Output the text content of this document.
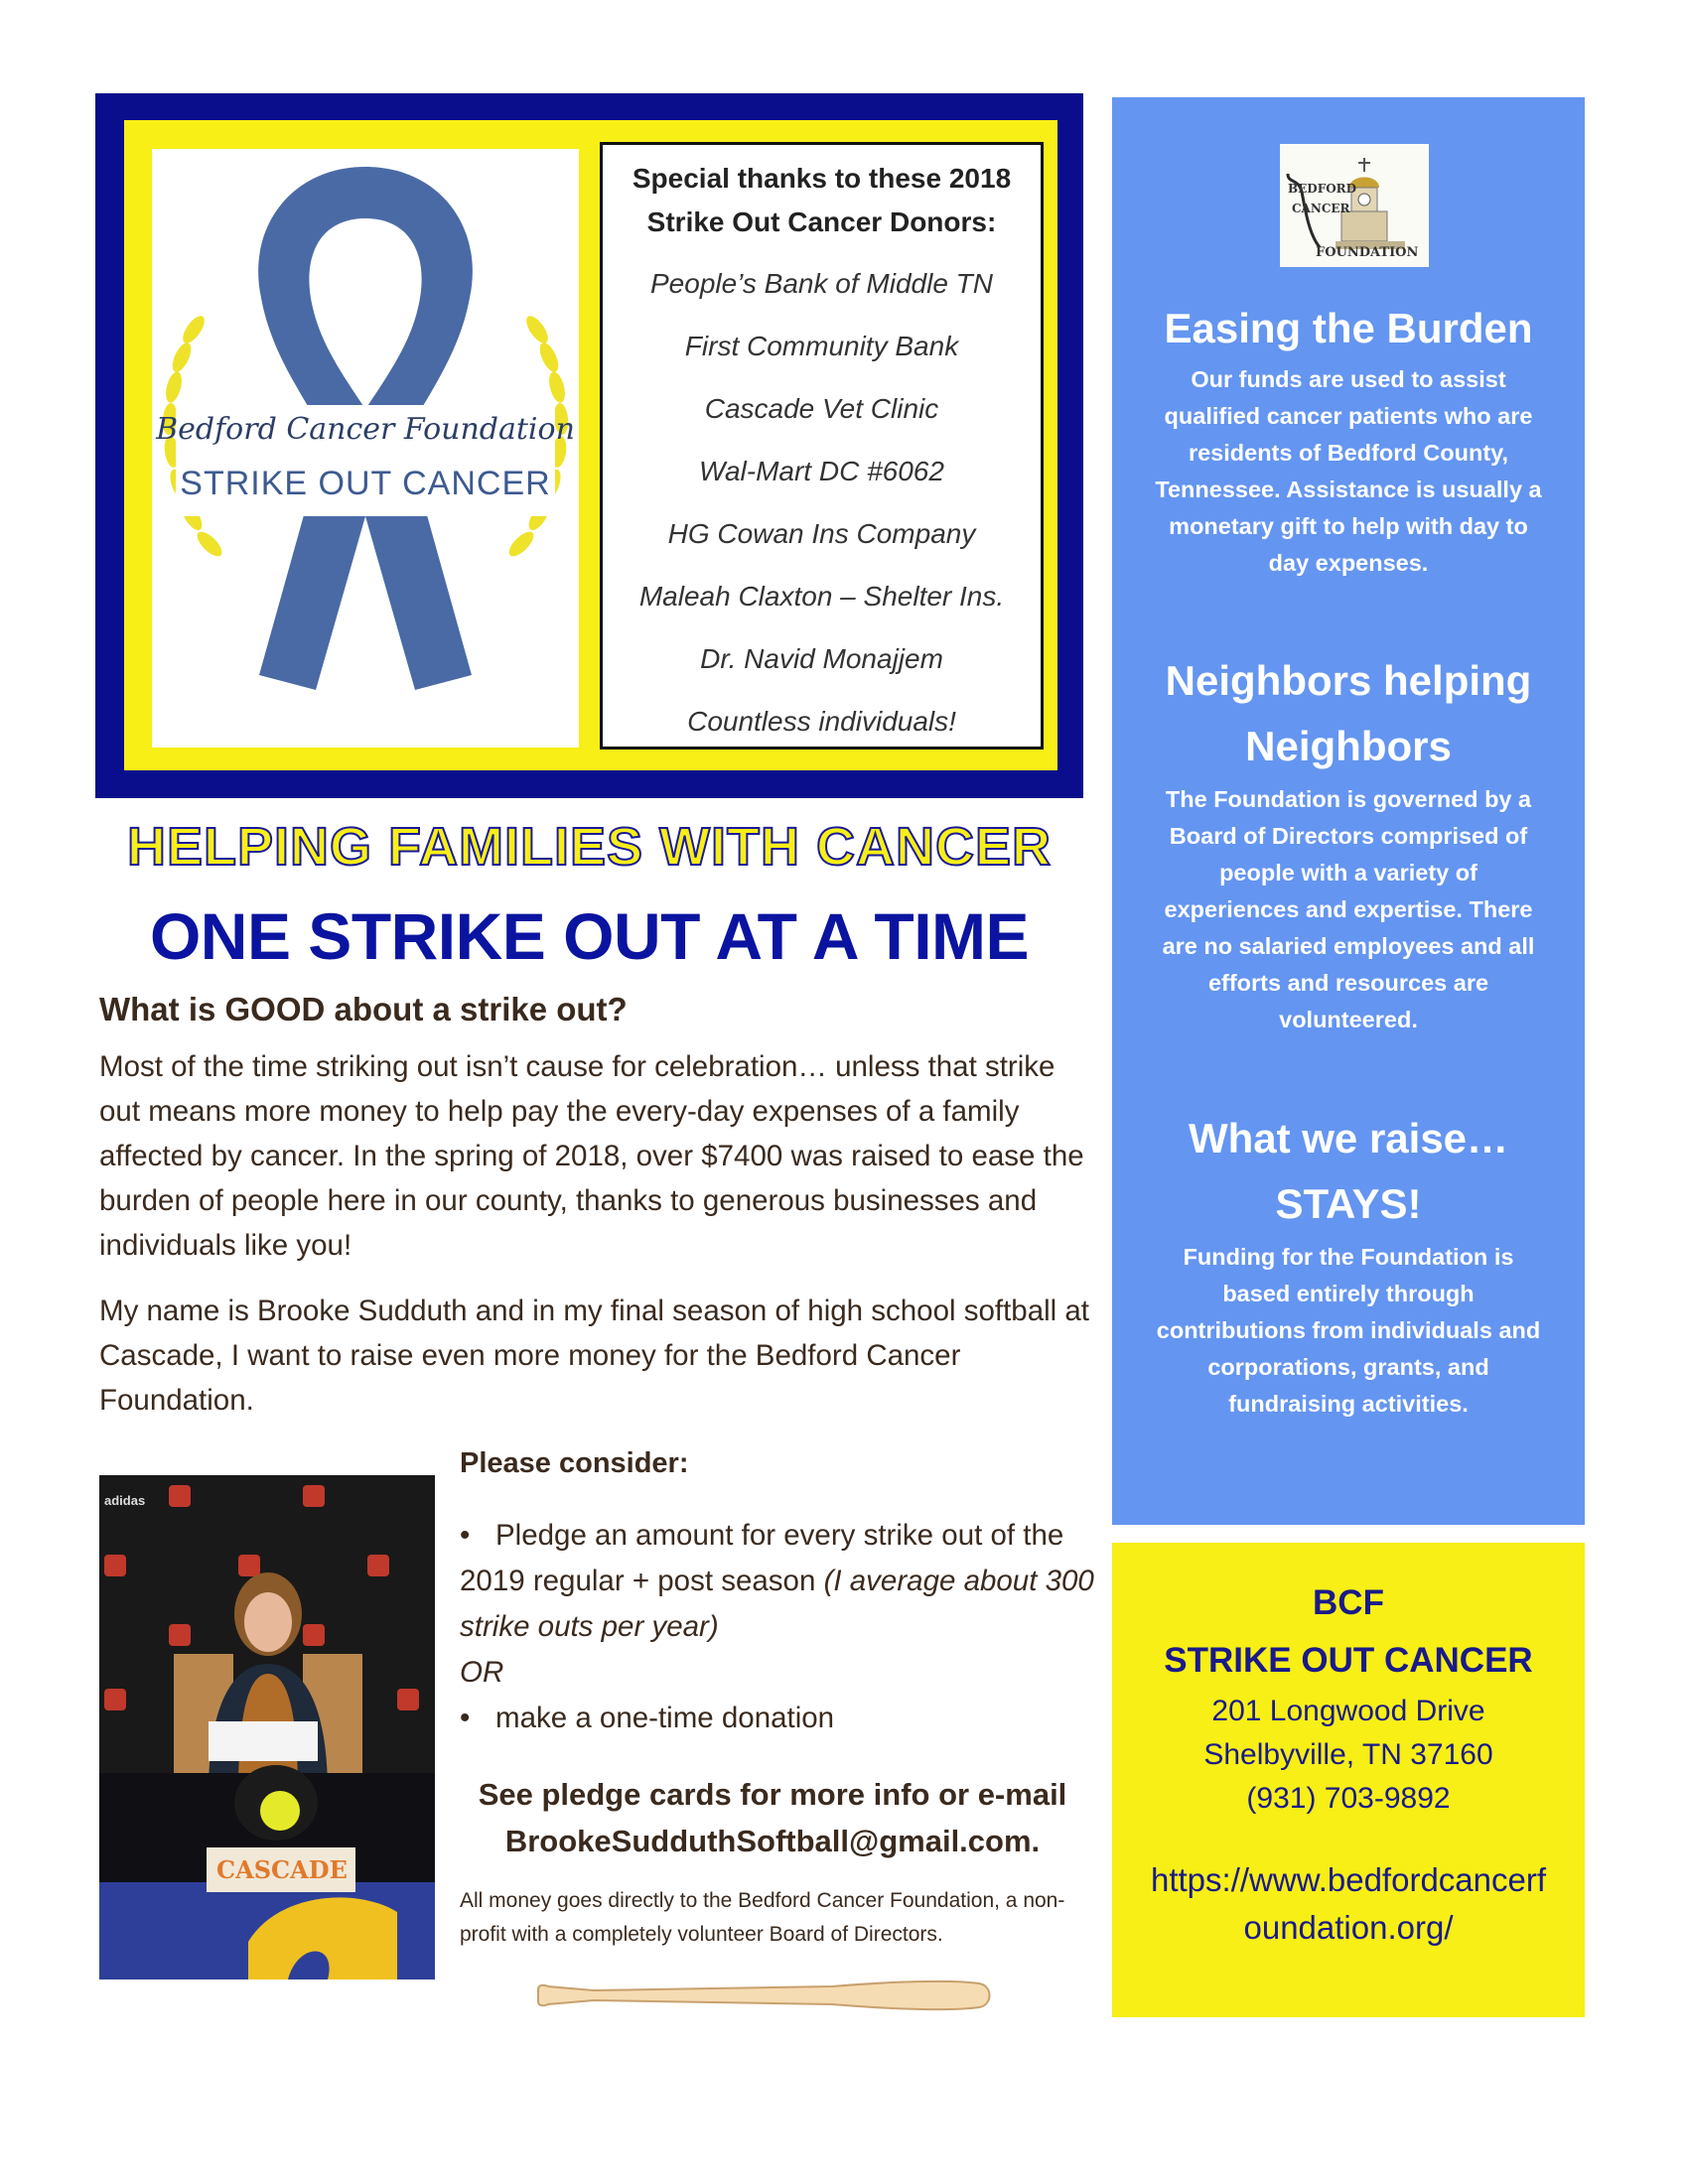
Bedford Cancer Foundation
STRIKE OUT CANCER
Special thanks to these 2018
Strike Out Cancer Donors:
People’s Bank of Middle TN
First Community Bank
Cascade Vet Clinic
Wal-Mart DC #6062
HG Cowan Ins Company
Maleah Claxton – Shelter Ins.
Dr. Navid Monajjem
Countless individuals!
HELPING FAMILIES WITH CANCER
ONE STRIKE OUT AT A TIME
What is GOOD about a strike out?
Most of the time striking out isn’t cause for celebration… unless that strike out means more money to help pay the every-day expenses of a family affected by cancer. In the spring of 2018, over $7400 was raised to ease the burden of people here in our county, thanks to generous businesses and individuals like you!
My name is Brooke Sudduth and in my final season of high school softball at Cascade, I want to raise even more money for the Bedford Cancer Foundation.
adidas
CASCADE
Please consider:
• Pledge an amount for every strike out of the 2019 regular + post season (I average about 300 strike outs per year)
OR
• make a one-time donation
See pledge cards for more info or e-mail
BrookeSudduthSoftball@gmail.com.
All money goes directly to the Bedford Cancer Foundation, a non-profit with a completely volunteer Board of Directors.
BEDFORD
CANCER
FOUNDATION
Easing the Burden
Our funds are used to assist qualified cancer patients who are residents of Bedford County, Tennessee. Assistance is usually a monetary gift to help with day to day expenses.
Neighbors helping
Neighbors
The Foundation is governed by a Board of Directors comprised of people with a variety of experiences and expertise. There are no salaried employees and all efforts and resources are volunteered.
What we raise…
STAYS!
Funding for the Foundation is based entirely through contributions from individuals and corporations, grants, and fundraising activities.
BCF
STRIKE OUT CANCER
201 Longwood Drive
Shelbyville, TN 37160
(931) 703-9892
https://www.bedfordcancerfoundation.org/
